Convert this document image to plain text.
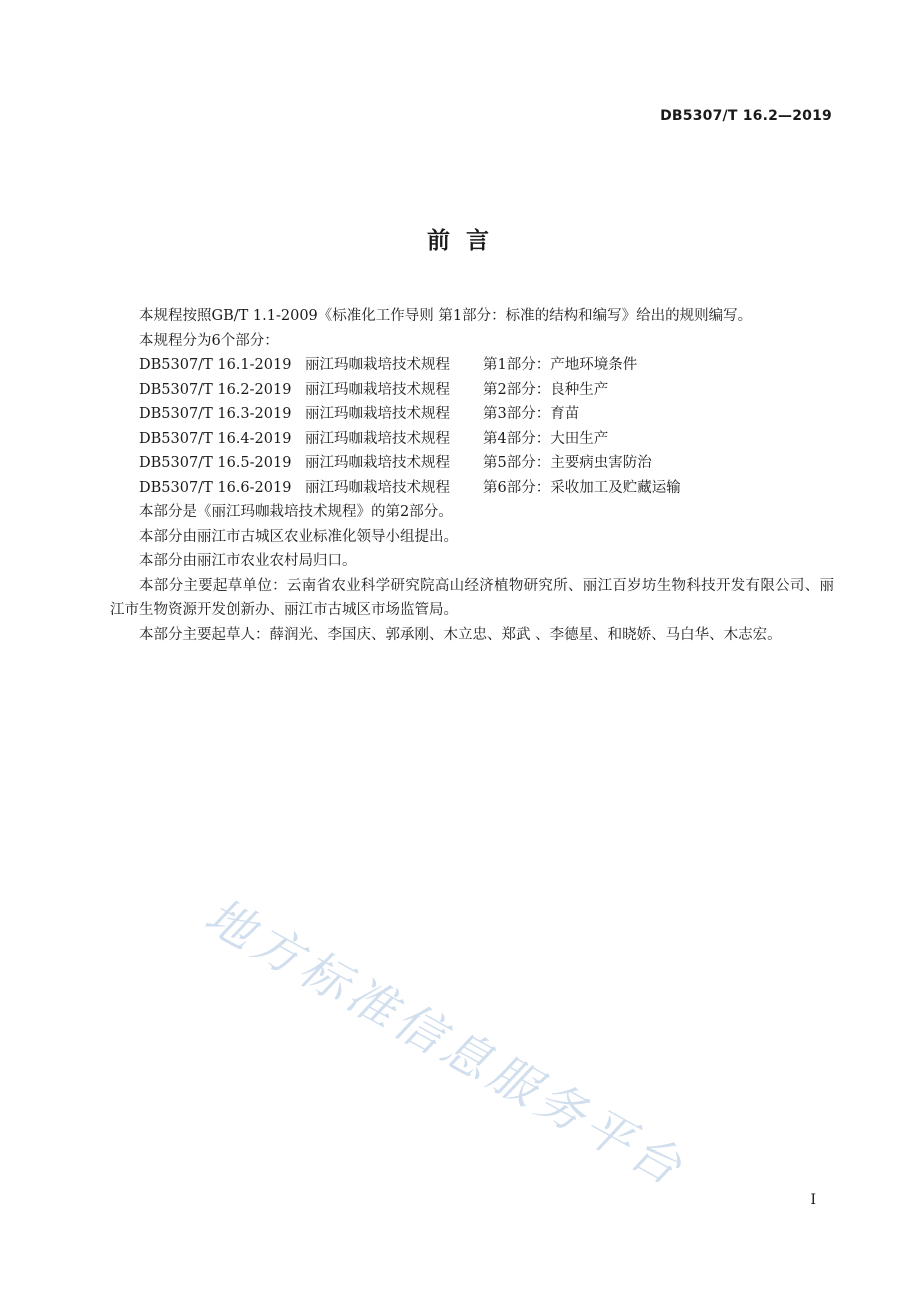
DB5307/T 16.2—2019
前 言

本规程按照GB/T 1.1-2009《标准化工作导则 第1部分：标准的结构和编写》给出的规则编写。

本规程分为6个部分：

DB5307/T 16.1-2019 丽江玛咖栽培技术规程	第1部分：产地环境条件
DB5307/T 16.2-2019 丽江玛咖栽培技术规程	第2部分：良种生产
DB5307/T 16.3-2019 丽江玛咖栽培技术规程	第3部分：育苗
DB5307/T 16.4-2019 丽江玛咖栽培技术规程	第4部分：大田生产
DB5307/T 16.5-2019 丽江玛咖栽培技术规程	第5部分：主要病虫害防治
DB5307/T 16.6-2019 丽江玛咖栽培技术规程	第6部分：采收加工及贮藏运输

本部分是《丽江玛咖栽培技术规程》的第2部分。

本部分由丽江市古城区农业标准化领导小组提出。

本部分由丽江市农业农村局归口。

本部分主要起草单位：云南省农业科学研究院高山经济植物研究所、丽江百岁坊生物科技开发有限公司、丽江市生物资源开发创新办、丽江市古城区市场监管局。

本部分主要起草人：薛润光、李国庆、郭承刚、木立忠、郑武 、李德星、和晓娇、马白华、木志宏。

地方标准信息服务平台
I
